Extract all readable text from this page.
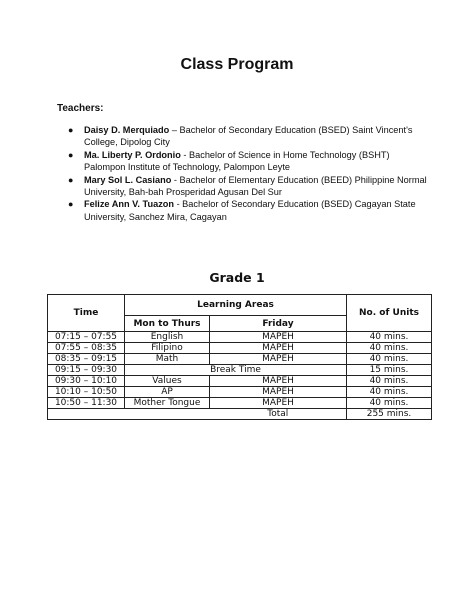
Class Program
Teachers:
● Daisy D. Merquiado – Bachelor of Secondary Education (BSED) Saint Vincent's College, Dipolog City
● Ma. Liberty P. Ordonio - Bachelor of Science in Home Technology (BSHT) Palompon Institute of Technology, Palompon Leyte
● Mary Sol L. Casiano - Bachelor of Elementary Education (BEED) Philippine Normal University, Bah-bah Prosperidad Agusan Del Sur
● Felize Ann V. Tuazon - Bachelor of Secondary Education (BSED) Cagayan State University, Sanchez Mira, Cagayan
Grade 1
Time	Learning Areas		No. of Units
	Mon to Thurs	Friday	
07:15 – 07:55	English	MAPEH	40 mins.
07:55 – 08:35	Filipino	MAPEH	40 mins.
08:35 – 09:15	Math	MAPEH	40 mins.
09:15 – 09:30	Break Time		15 mins.
09:30 – 10:10	Values	MAPEH	40 mins.
10:10 – 10:50	AP	MAPEH	40 mins.
10:50 – 11:30	Mother Tongue	MAPEH	40 mins.
		Total	255 mins.
